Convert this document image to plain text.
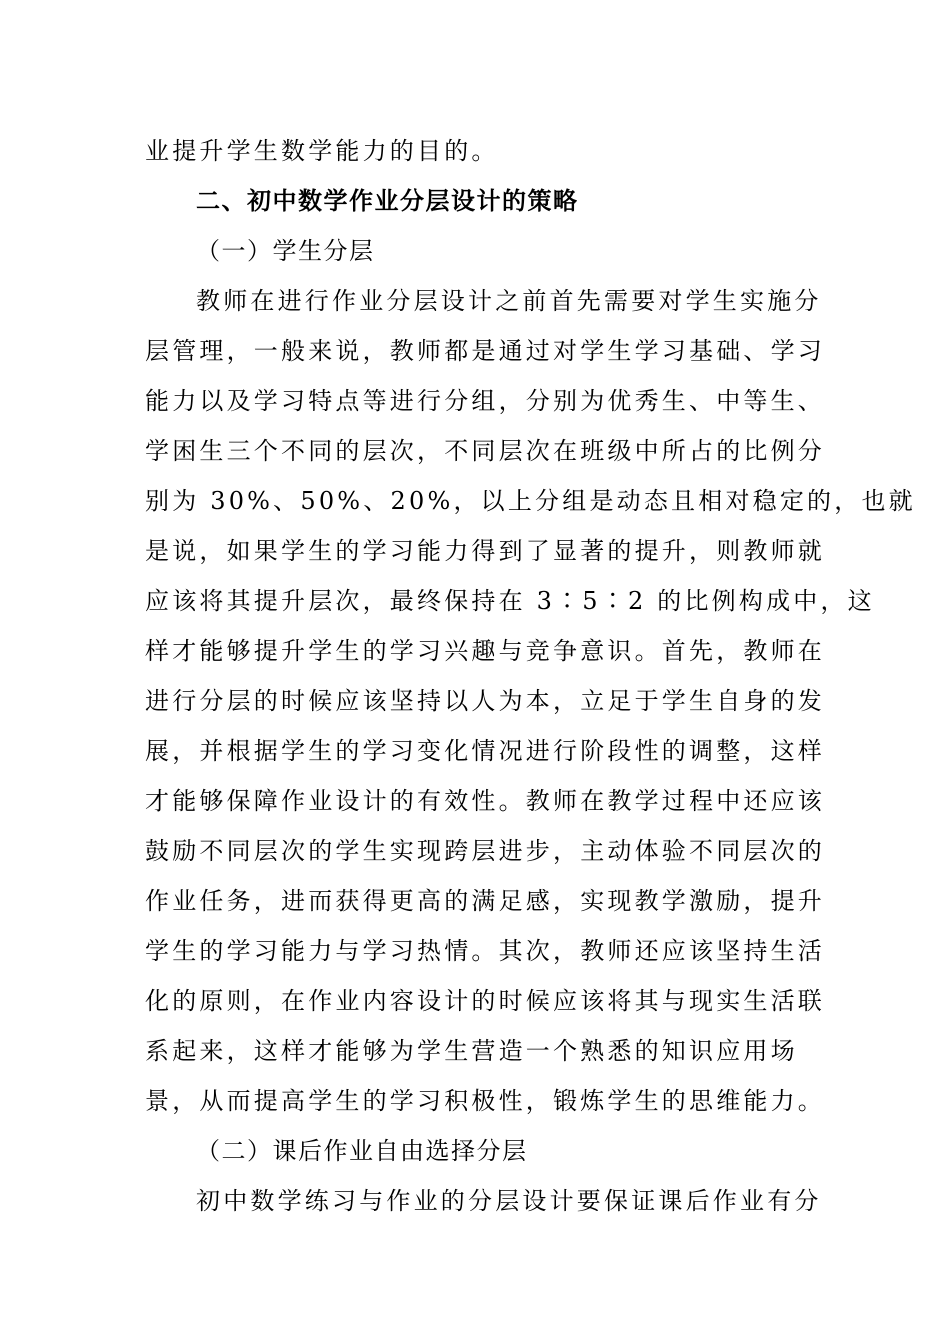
业提升学生数学能力的目的。
二、初中数学作业分层设计的策略
（一）学生分层
教师在进行作业分层设计之前首先需要对学生实施分
层管理，一般来说，教师都是通过对学生学习基础、学习
能力以及学习特点等进行分组，分别为优秀生、中等生、
学困生三个不同的层次，不同层次在班级中所占的比例分
别为 30%、50%、20%，以上分组是动态且相对稳定的，也就
是说，如果学生的学习能力得到了显著的提升，则教师就
应该将其提升层次，最终保持在 3∶5∶2 的比例构成中，这
样才能够提升学生的学习兴趣与竞争意识。首先，教师在
进行分层的时候应该坚持以人为本，立足于学生自身的发
展，并根据学生的学习变化情况进行阶段性的调整，这样
才能够保障作业设计的有效性。教师在教学过程中还应该
鼓励不同层次的学生实现跨层进步，主动体验不同层次的
作业任务，进而获得更高的满足感，实现教学激励，提升
学生的学习能力与学习热情。其次，教师还应该坚持生活
化的原则，在作业内容设计的时候应该将其与现实生活联
系起来，这样才能够为学生营造一个熟悉的知识应用场
景，从而提高学生的学习积极性，锻炼学生的思维能力。
（二）课后作业自由选择分层
初中数学练习与作业的分层设计要保证课后作业有分
